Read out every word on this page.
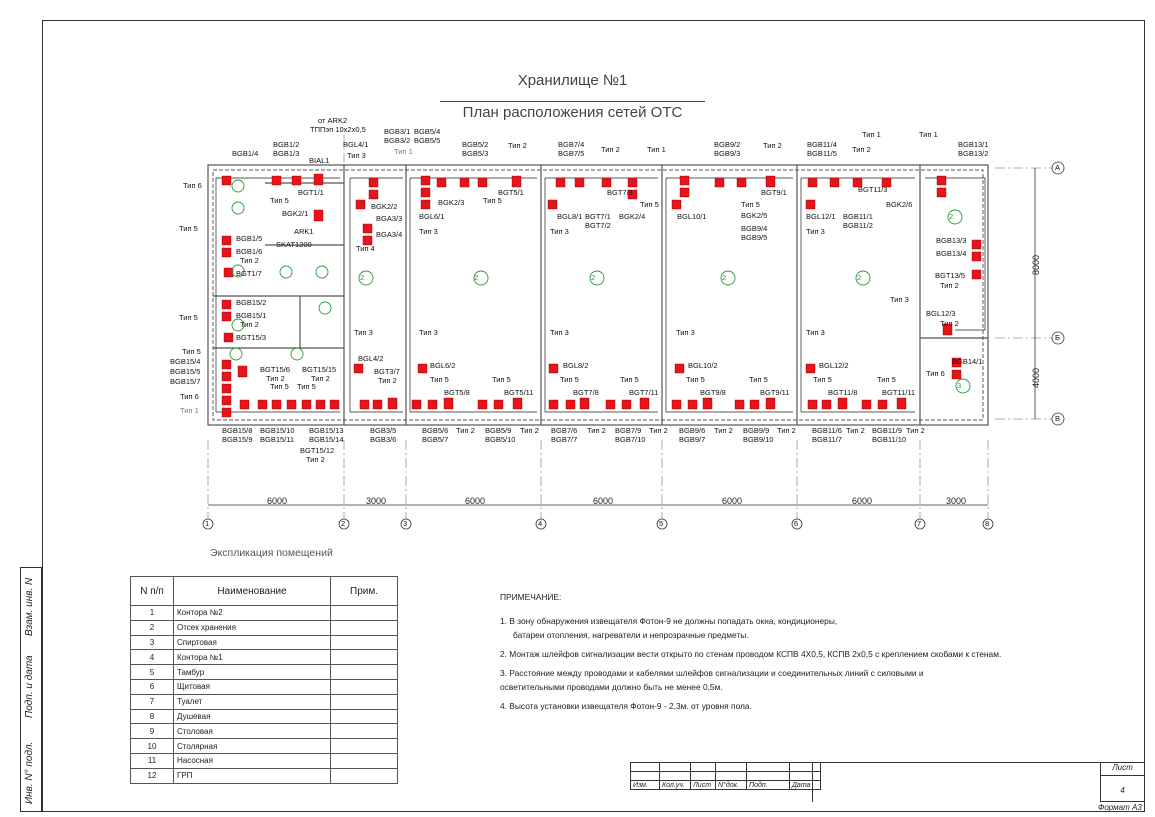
Взам. инв. N
Подп. и дата
Инв. N° подл.
Хранилище №1
План расположения сетей ОТС
от ARK2
ТППэп 10х2х0,5
2	2	2	2
2
2
3
6000	3000	6000	6000	6000	6000	3000
8000
4000
1	2	3	4	5	6	7	8
А
Б
В
BGB1/4
BGB1/2
BGB1/3
BIAL1
BGT1/1
BGB3/1
BGB3/2
BGB5/4
BGB5/5
BGL4/1
Тип 3	Тип 1
BGB5/2
BGB5/3
Тип 2	BGB7/4
BGB7/5 Тип 2	Тип 1
BGB9/2
BGB9/3
Тип 2	BGB11/4
BGB11/5 Тип 2
Тип 1	Тип 1
BGB13/1
BGB13/2
Тип 6
Тип 5
BGK2/1
ARK1
SKAT1200
BGK2/2
BGA3/3
BGA3/4
Тип 4
BGL6/1
BGK2/3 Тип 5
BGT5/1
Тип 3
BGL8/1
BGT7/3
Тип 5
BGT7/1
BGT7/2
BGK2/4
Тип 3
BGL10/1
BGT9/1
Тип 5
BGK2/5
BGB9/4
BGB9/5
BGL12/1
Тип 3
BGT11/3
BGB11/1
BGB11/2
BGK2/6
Тип 5
BGB1/5
BGB1/6
Тип 2
BGT1/7
BGB13/3
BGB13/4
BGT13/5
Тип 2
Тип 3
BGL12/3
Тип 2
Тип 5
BGB15/2
BGB15/1
Тип 2
BGT15/3
Тип 5
BGB15/4
BGB15/5
BGB15/7
BGT15/6 BGT15/15
Тип 2	Тип 2
Тип 5 Тип 5
Тип 6
Тип 1
Тип 3
BGL4/2
BGT3/7
Тип 2
Тип 3
BGL6/2
Тип 5
BGT5/8
Тип 5
BGT5/11
Тип 3
BGL8/2
Тип 5
BGT7/8
Тип 5
BGT7/11
Тип 3
BGL10/2
Тип 5
BGT9/8
Тип 5
BGT9/11
Тип 3
BGL12/2
Тип 5
BGT11/8
Тип 5
BGT11/11
BGB14/1
Тип 6
BGB15/8
BGB15/9
BGB15/10
BGB15/11
BGB15/13
BGB15/14
BGT15/12
Тип 2
BGB3/5
BGB3/6
BGB5/6
BGB5/7
Тип 2 BGB5/9
BGB5/10
Тип 2 BGB7/6
BGB7/7
Тип 2 BGB7/9
BGB7/10
Тип 2 BGB9/6
BGB9/7
Тип 2 BGB9/9
BGB9/10
Тип 2 BGB11/6
BGB11/7
Тип 2 BGB11/9
BGB11/10
Тип 2
Экспликация помещений
N п/п	Наименование	Прим.
1	Контора №2	
2	Отсек хранения	
3	Спиртовая	
4	Контора №1	
5	Тамбур	
6	Щитовая	
7	Туалет	
8	Душевая	
9	Столовая	
10	Столярная	
11	Насосная	
12	ГРП	

ПРИМЕЧАНИЕ:

1. В зону обнаружения извещателя Фотон-9 не должны попадать окна, кондиционеры,

батареи отопления, нагреватели и непрозрачные предметы.

2. Монтаж шлейфов сигнализации вести открыто по стенам проводом КСПВ 4Х0,5, КСПВ 2х0,5 с креплением скобами к стенам.

3. Расстояние между проводами и кабелями шлейфов сигнализации и соединительных линий с силовыми и

осветительными проводами должно быть не менее 0,5м.

4. Высота установки извещателя Фотон-9 - 2,3м. от уровня пола.

Изм.	Кол.уч.	Лист	N°док.	Подп.	Дата
Лист
4
Формат А3
